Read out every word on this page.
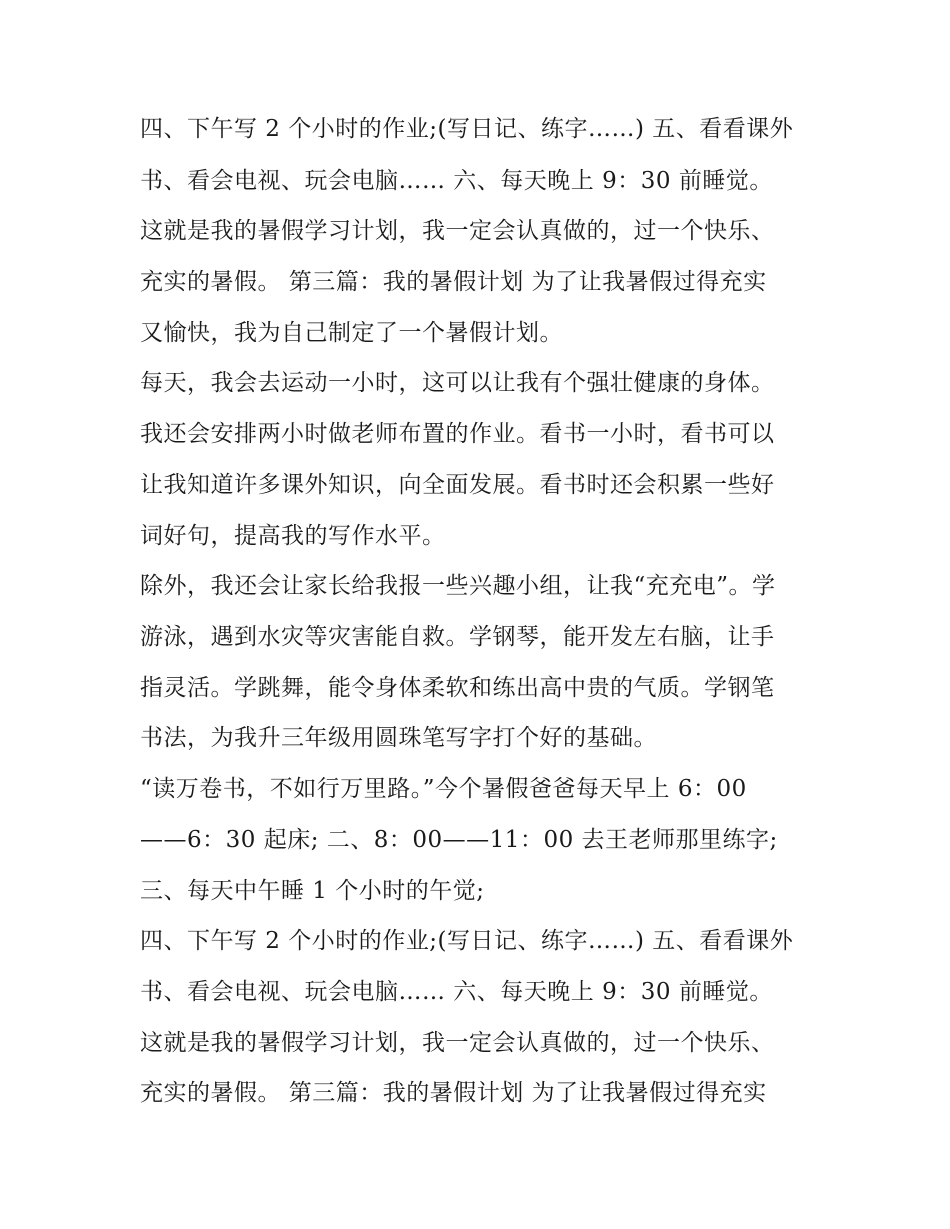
四、下午写 2 个小时的作业;(写日记、练字……) 五、看看课外
书、看会电视、玩会电脑…… 六、每天晚上 9：30 前睡觉。
这就是我的暑假学习计划，我一定会认真做的，过一个快乐、
充实的暑假。 第三篇：我的暑假计划 为了让我暑假过得充实
又愉快，我为自己制定了一个暑假计划。
每天，我会去运动一小时，这可以让我有个强壮健康的身体。
我还会安排两小时做老师布置的作业。看书一小时，看书可以
让我知道许多课外知识，向全面发展。看书时还会积累一些好
词好句，提高我的写作水平。
除外，我还会让家长给我报一些兴趣小组，让我“充充电”。学
游泳，遇到水灾等灾害能自救。学钢琴，能开发左右脑，让手
指灵活。学跳舞，能令身体柔软和练出高中贵的气质。学钢笔
书法，为我升三年级用圆珠笔写字打个好的基础。
“读万卷书，不如行万里路。”今个暑假爸爸每天早上 6：00
——6：30 起床; 二、8：00——11：00 去王老师那里练字;
三、每天中午睡 1 个小时的午觉;
四、下午写 2 个小时的作业;(写日记、练字……) 五、看看课外
书、看会电视、玩会电脑…… 六、每天晚上 9：30 前睡觉。
这就是我的暑假学习计划，我一定会认真做的，过一个快乐、
充实的暑假。 第三篇：我的暑假计划 为了让我暑假过得充实
